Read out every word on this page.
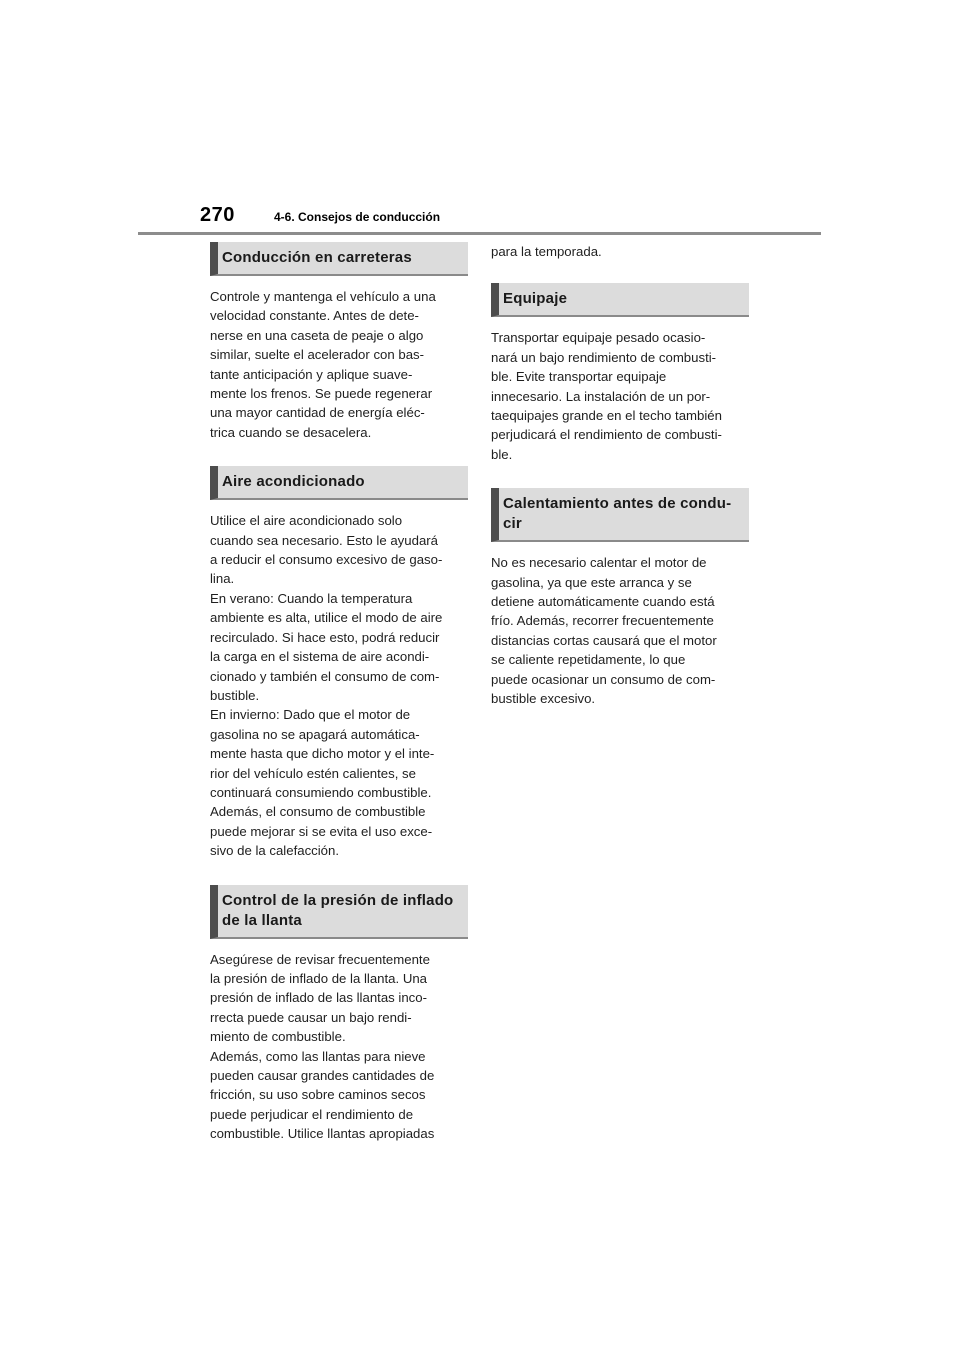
270	4-6. Consejos de conducción
Conducción en carreteras

Controle y mantenga el vehículo a una
velocidad constante. Antes de dete-
nerse en una caseta de peaje o algo
similar, suelte el acelerador con bas-
tante anticipación y aplique suave-
mente los frenos. Se puede regenerar
una mayor cantidad de energía eléc-
trica cuando se desacelera.

Aire acondicionado

Utilice el aire acondicionado solo
cuando sea necesario. Esto le ayudará
a reducir el consumo excesivo de gaso-
lina.
En verano: Cuando la temperatura
ambiente es alta, utilice el modo de aire
recirculado. Si hace esto, podrá reducir
la carga en el sistema de aire acondi-
cionado y también el consumo de com-
bustible.
En invierno: Dado que el motor de
gasolina no se apagará automática-
mente hasta que dicho motor y el inte-
rior del vehículo estén calientes, se
continuará consumiendo combustible.
Además, el consumo de combustible
puede mejorar si se evita el uso exce-
sivo de la calefacción.

Control de la presión de inflado
de la llanta

Asegúrese de revisar frecuentemente
la presión de inflado de la llanta. Una
presión de inflado de las llantas inco-
rrecta puede causar un bajo rendi-
miento de combustible.
Además, como las llantas para nieve
pueden causar grandes cantidades de
fricción, su uso sobre caminos secos
puede perjudicar el rendimiento de
combustible. Utilice llantas apropiadas

para la temporada.

Equipaje

Transportar equipaje pesado ocasio-
nará un bajo rendimiento de combusti-
ble. Evite transportar equipaje
innecesario. La instalación de un por-
taequipajes grande en el techo también
perjudicará el rendimiento de combusti-
ble.

Calentamiento antes de condu-
cir

No es necesario calentar el motor de
gasolina, ya que este arranca y se
detiene automáticamente cuando está
frío. Además, recorrer frecuentemente
distancias cortas causará que el motor
se caliente repetidamente, lo que
puede ocasionar un consumo de com-
bustible excesivo.
